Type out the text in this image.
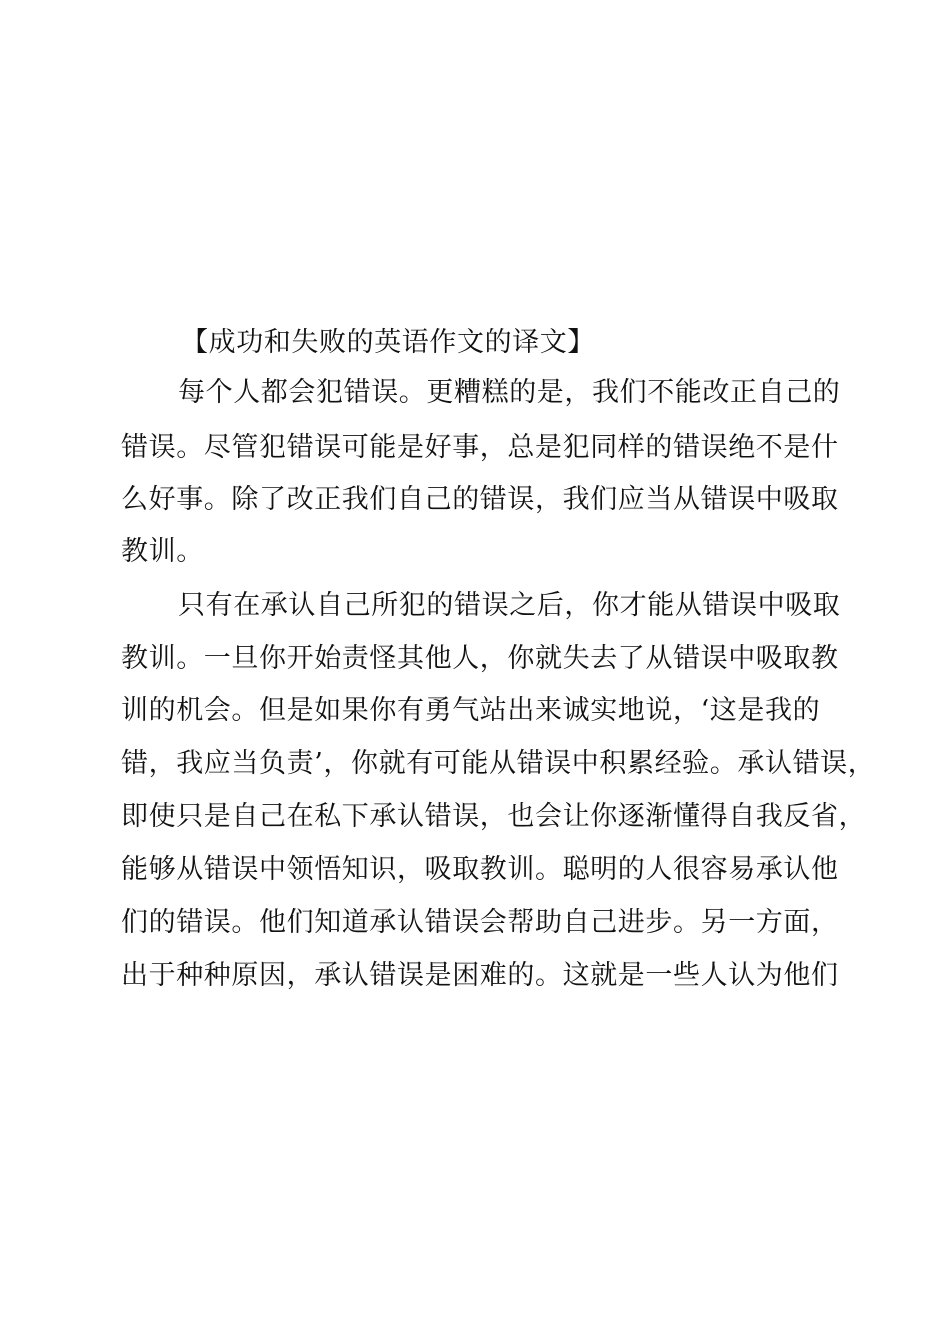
【成功和失败的英语作文的译文】
每个人都会犯错误。更糟糕的是，我们不能改正自己的
错误。尽管犯错误可能是好事，总是犯同样的错误绝不是什
么好事。除了改正我们自己的错误，我们应当从错误中吸取
教训。
只有在承认自己所犯的错误之后，你才能从错误中吸取
教训。一旦你开始责怪其他人，你就失去了从错误中吸取教
训的机会。但是如果你有勇气站出来诚实地说，‘这是我的
错，我应当负责’，你就有可能从错误中积累经验。承认错误，
即使只是自己在私下承认错误，也会让你逐渐懂得自我反省，
能够从错误中领悟知识，吸取教训。聪明的人很容易承认他
们的错误。他们知道承认错误会帮助自己进步。另一方面，
出于种种原因，承认错误是困难的。这就是一些人认为他们
